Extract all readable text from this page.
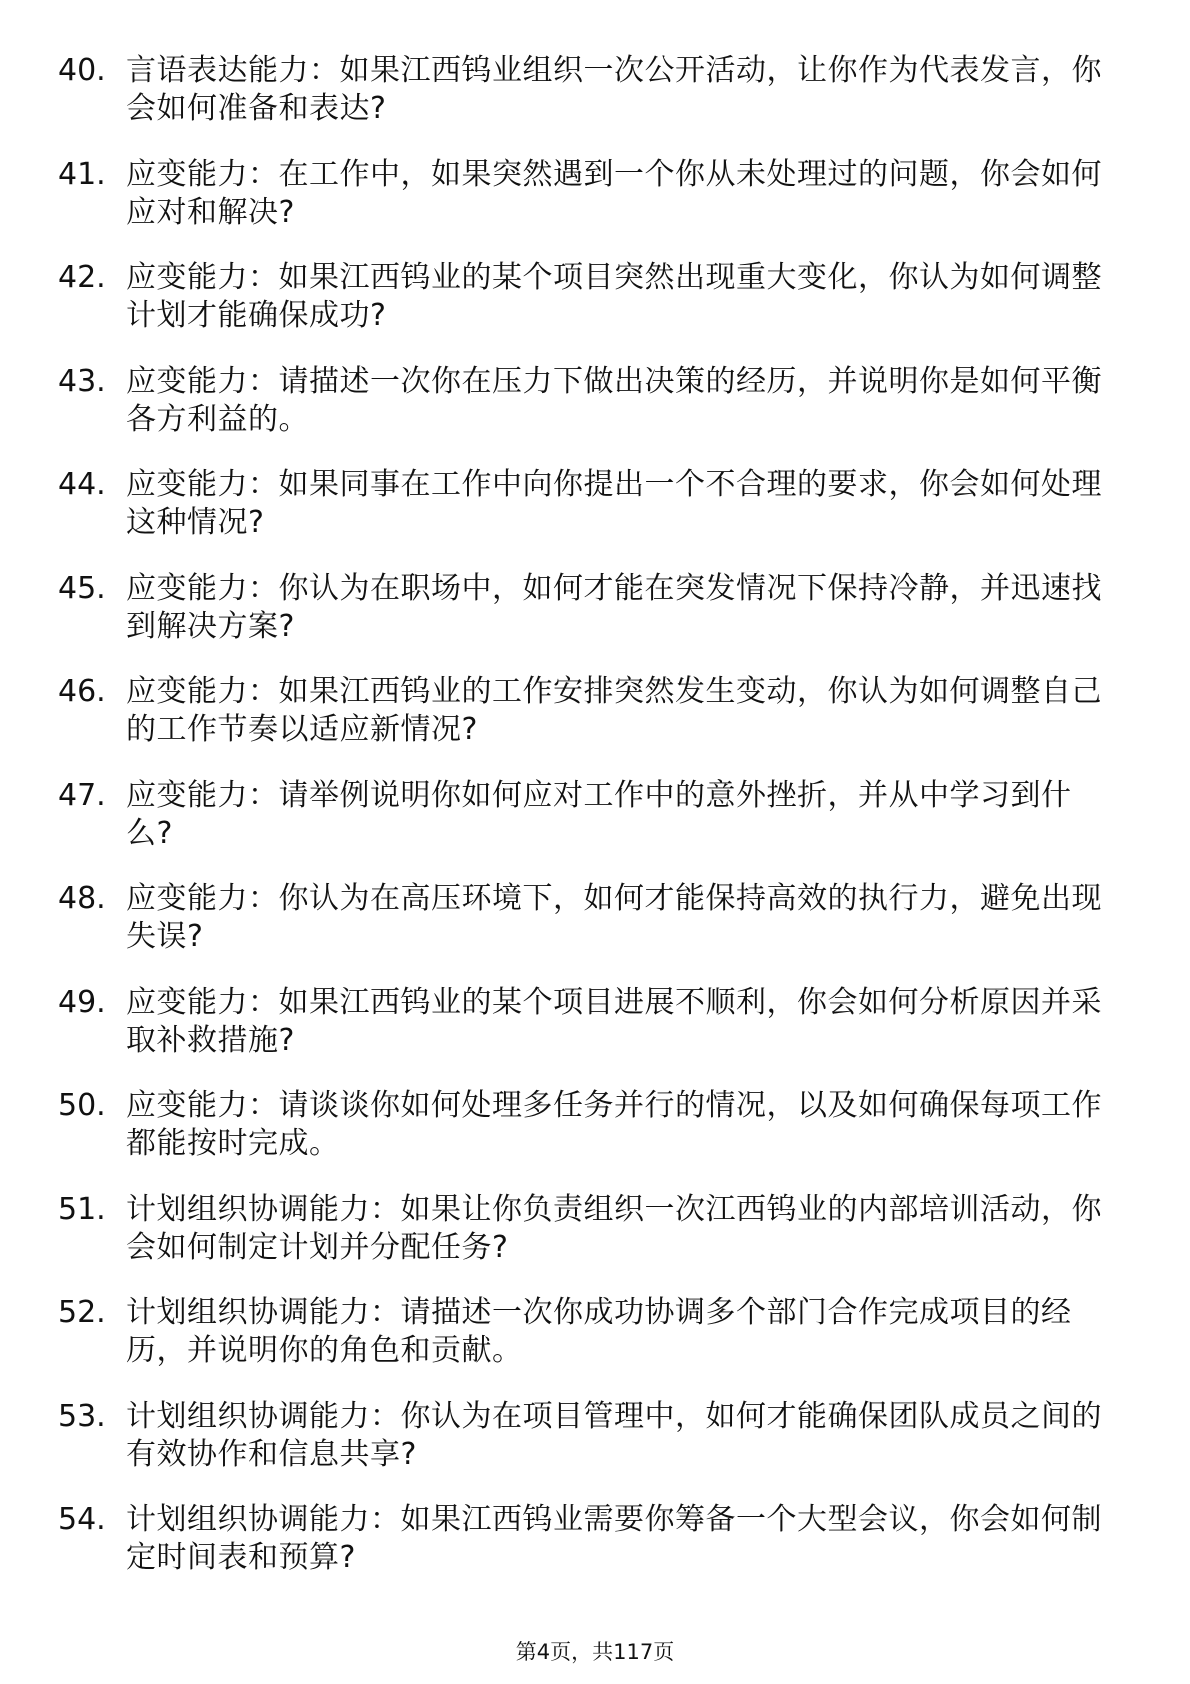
40. 言语表达能力：如果江西钨业组织一次公开活动，让你作为代表发言，你会如何准备和表达?
41. 应变能力：在工作中，如果突然遇到一个你从未处理过的问题，你会如何应对和解决?
42. 应变能力：如果江西钨业的某个项目突然出现重大变化，你认为如何调整计划才能确保成功?
43. 应变能力：请描述一次你在压力下做出决策的经历，并说明你是如何平衡各方利益的。
44. 应变能力：如果同事在工作中向你提出一个不合理的要求，你会如何处理这种情况?
45. 应变能力：你认为在职场中，如何才能在突发情况下保持冷静，并迅速找到解决方案?
46. 应变能力：如果江西钨业的工作安排突然发生变动，你认为如何调整自己的工作节奏以适应新情况?
47. 应变能力：请举例说明你如何应对工作中的意外挫折，并从中学习到什么?
48. 应变能力：你认为在高压环境下，如何才能保持高效的执行力，避免出现失误?
49. 应变能力：如果江西钨业的某个项目进展不顺利，你会如何分析原因并采取补救措施?
50. 应变能力：请谈谈你如何处理多任务并行的情况，以及如何确保每项工作都能按时完成。
51. 计划组织协调能力：如果让你负责组织一次江西钨业的内部培训活动，你会如何制定计划并分配任务?
52. 计划组织协调能力：请描述一次你成功协调多个部门合作完成项目的经历，并说明你的角色和贡献。
53. 计划组织协调能力：你认为在项目管理中，如何才能确保团队成员之间的有效协作和信息共享?
54. 计划组织协调能力：如果江西钨业需要你筹备一个大型会议，你会如何制定时间表和预算?
第4页，共117页
